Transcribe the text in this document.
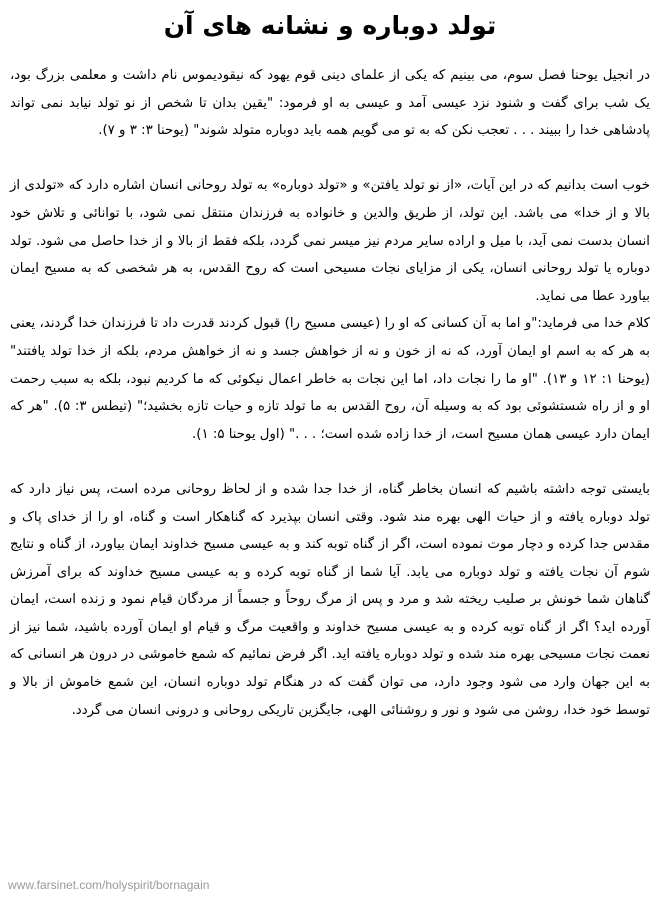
تولد دوباره و نشانه های آن

در انجیل یوحنا فصل سوم، می بینیم که یکی از علمای دینی قوم یهود که نیقودیموس نام داشت و معلمی بزرگ بود، یک شب برای گفت و شنود نزد عیسی آمد و عیسی به او فرمود: "یقین بدان تا شخص از نو تولد نیابد نمی تواند پادشاهی خدا را ببیند . . . تعجب نکن که به تو می گویم همه باید دوباره متولد شوند" (یوحنا ۳: ۳ و ۷).

خوب است بدانیم که در این آیات، «از نو تولد یافتن» و «تولد دوباره» به تولد روحانی انسان اشاره دارد که «تولدی از بالا و از خدا» می باشد. این تولد، از طریق والدین و خانواده به فرزندان منتقل نمی شود، با توانائی و تلاش خود انسان بدست نمی آید، با میل و اراده سایر مردم نیز میسر نمی گردد، بلکه فقط از بالا و از خدا حاصل می شود. تولد دوباره یا تولد روحانی انسان، یکی از مزایای نجات مسیحی است که روح القدس، به هر شخصی که به مسیح ایمان بیاورد عطا می نماید.

کلام خدا می فرماید:"و اما به آن کسانی که او را (عیسی مسیح را) قبول کردند قدرت داد تا فرزندان خدا گردند، یعنی به هر که به اسم او ایمان آورد، که نه از خون و نه از خواهش جسد و نه از خواهش مردم، بلکه از خدا تولد یافتند" (یوحنا ۱: ۱۲ و ۱۳). "او ما را نجات داد، اما این نجات به خاطر اعمال نیکوئی که ما کردیم نبود، بلکه به سبب رحمت او و از راه شستشوئی بود که به وسیله آن، روح القدس به ما تولد تازه و حیات تازه بخشید؛" (تیطس ۳: ۵). "هر که ایمان دارد عیسی همان مسیح است، از خدا زاده شده است؛ . . ." (اول یوحنا ۵: ۱).

بایستی توجه داشته باشیم که انسان بخاطر گناه، از خدا جدا شده و از لحاظ روحانی مرده است، پس نیاز دارد که تولد دوباره یافته و از حیات الهی بهره مند شود. وقتی انسان بپذیرد که گناهکار است و گناه، او را از خدای پاک و مقدس جدا کرده و دچار موت نموده است، اگر از گناه توبه کند و به عیسی مسیح خداوند ایمان بیاورد، از گناه و نتایج شوم آن نجات یافته و تولد دوباره می یابد. آیا شما از گناه توبه کرده و به عیسی مسیح خداوند که برای آمرزش گناهان شما خونش بر صلیب ریخته شد و مرد و پس از مرگ روحاً و جسماً از مردگان قیام نمود و زنده است، ایمان آورده اید؟ اگر از گناه توبه کرده و به عیسی مسیح خداوند و واقعیت مرگ و قیام او ایمان آورده باشید، شما نیز از نعمت نجات مسیحی بهره مند شده و تولد دوباره یافته اید. اگر فرض نمائیم که شمع خاموشی در درون هر انسانی که به این جهان وارد می شود وجود دارد، می توان گفت که در هنگام تولد دوباره انسان، این شمع خاموش از بالا و توسط خود خدا، روشن می شود و نور و روشنائی الهی، جایگزین تاریکی روحانی و درونی انسان می گردد.

www.farsinet.com/holyspirit/bornagain
